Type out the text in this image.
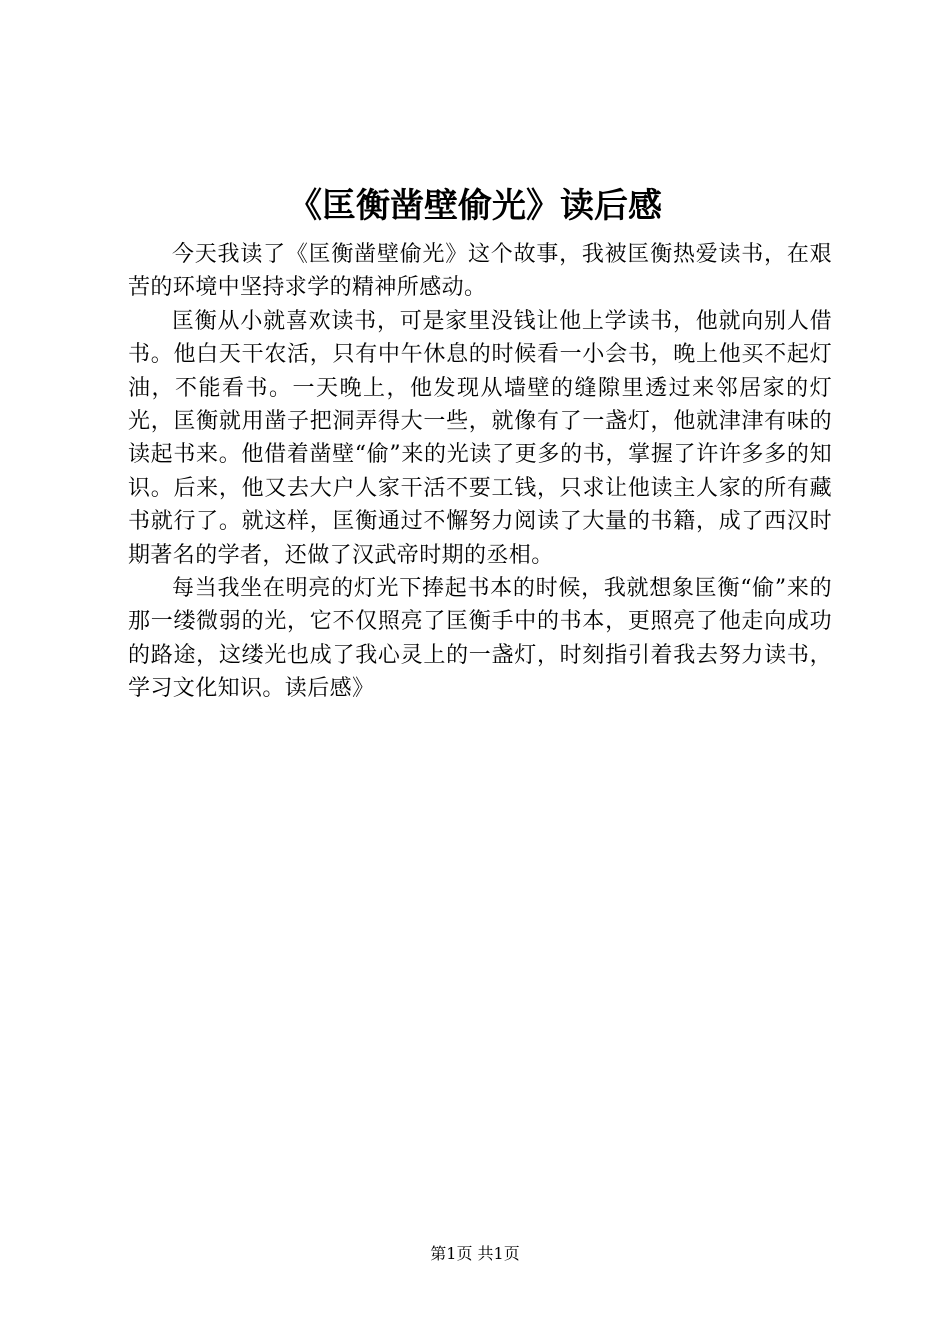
《匡衡凿壁偷光》读后感

今天我读了《匡衡凿壁偷光》这个故事，我被匡衡热爱读书，在艰苦的环境中坚持求学的精神所感动。

匡衡从小就喜欢读书，可是家里没钱让他上学读书，他就向别人借书。他白天干农活，只有中午休息的时候看一小会书，晚上他买不起灯油，不能看书。一天晚上，他发现从墙壁的缝隙里透过来邻居家的灯光，匡衡就用凿子把洞弄得大一些，就像有了一盏灯，他就津津有味的读起书来。他借着凿壁“偷”来的光读了更多的书，掌握了许许多多的知识。后来，他又去大户人家干活不要工钱，只求让他读主人家的所有藏书就行了。就这样，匡衡通过不懈努力阅读了大量的书籍，成了西汉时期著名的学者，还做了汉武帝时期的丞相。

每当我坐在明亮的灯光下捧起书本的时候，我就想象匡衡“偷”来的那一缕微弱的光，它不仅照亮了匡衡手中的书本，更照亮了他走向成功的路途，这缕光也成了我心灵上的一盏灯，时刻指引着我去努力读书，学习文化知识。读后感》

第1页 共1页
